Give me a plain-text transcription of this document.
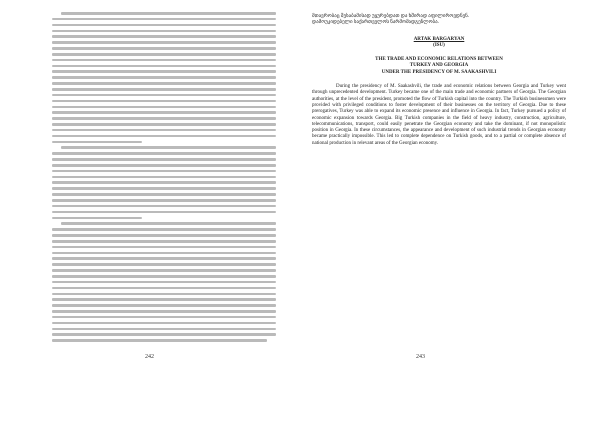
242

მთავრობაც შესაბამისად უყურებდათ და ხშირად აფილიროვდნენ.

დამოუკიდებელი საქართველოს წარმომადგენლობა.

ARTAK BARGARYAN

(ISU)

THE TRADE AND ECONOMIC RELATIONS BETWEEN

TURKEY AND GEORGIA

UNDER THE PRESIDENCY OF M. SAAKASHVILI

During the presidency of M. Saakashvili, the trade and economic relations between Georgia and Turkey went through unprecedented development. Turkey became one of the main trade and economic partners of Georgia. The Georgian authorities, at the level of the president, promoted the flow of Turkish capital into the country. The Turkish businessmen were provided with privileged conditions to foster development of their businesses on the territory of Georgia. Due to these prerogatives, Turkey was able to expand its economic presence and influence in Georgia. In fact, Turkey pursued a policy of economic expansion towards Georgia. Big Turkish companies in the field of heavy industry, construction, agriculture, telecommunications, transport, could easily penetrate the Georgian economy and take the dominant, if not monopolistic position in Georgia. In these circumstances, the appearance and development of such industrial trends in Georgian economy became practically impossible. This led to complete dependence on Turkish goods, and to a partial or complete absence of national production in relevant areas of the Georgian economy.

243
